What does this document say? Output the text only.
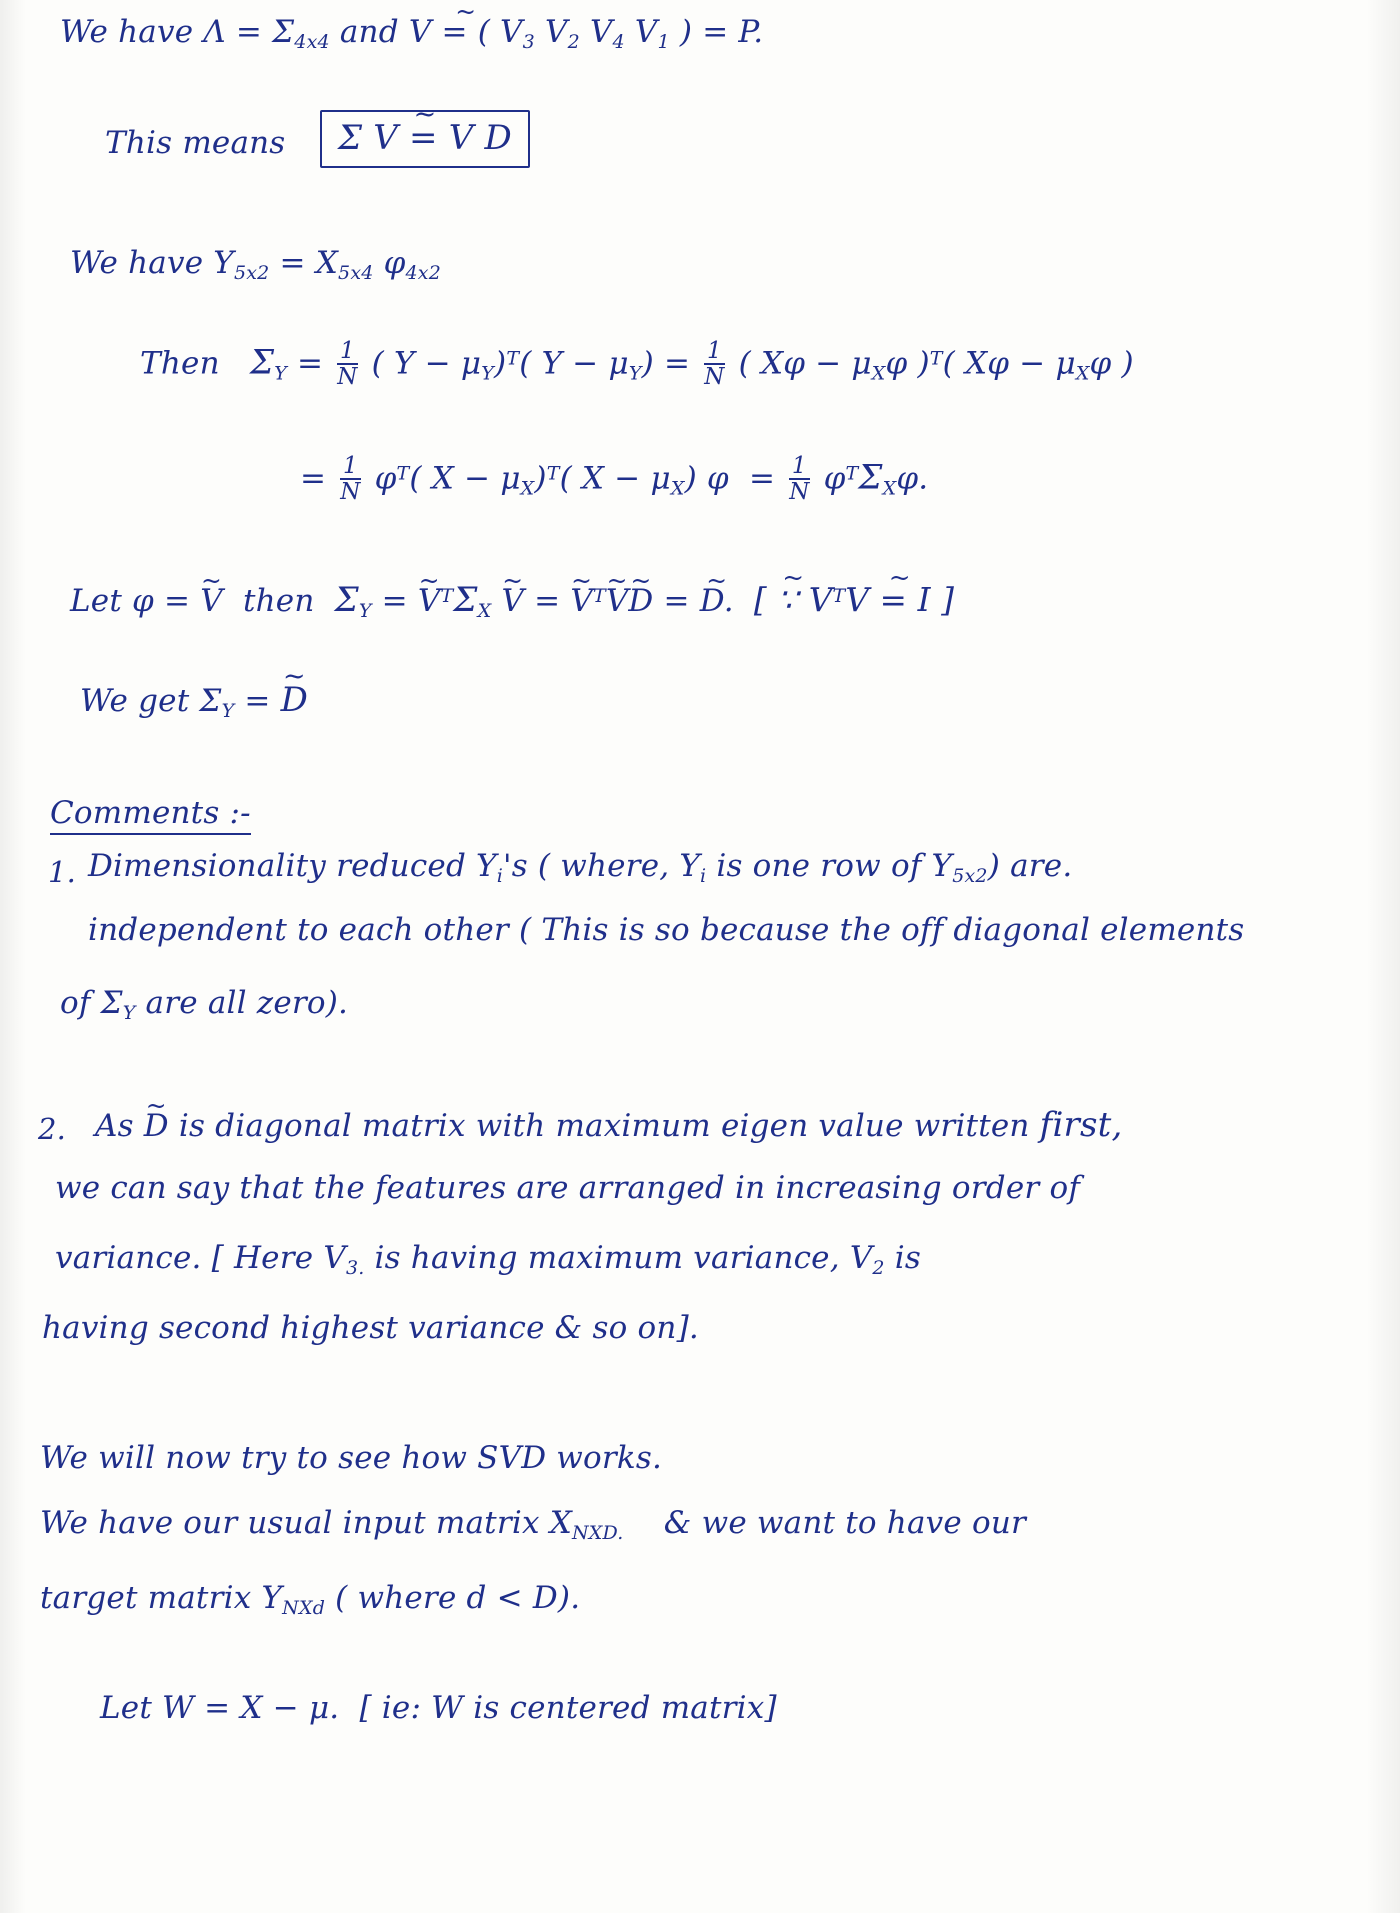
We have $\Lambda = \Sigma_{4x4}$ and ~ V = ( $V_3$ $V_2$ $V_4$ $V_1$ ) = P.
This means	~ Σ V = V D
We have $Y_{5x2} = X_{5x4}$ $\varphi_{4x2}$
Then $\Sigma_Y = \frac{1}{N}$ ( $Y - \mu_Y)^T$( $Y - \mu_Y) = \frac{1}{N}$ ( $X\varphi - \mu_X\varphi$ )$^T$( $X\varphi - \mu_X\varphi$ )
= $\frac{1}{N} \varphi^T$( $X - \mu_X)^T$( $X - \mu_X$) $\varphi = \frac{1}{N} \varphi^T\Sigma_X\varphi$.
Let φ = ~ V then $\Sigma_Y$ = ~ $V^T\Sigma_X$ ~ V = ~ $V^T\sim$ V~ D = ~ D. ~ [ ∵ $V^T\sim$ V = I ]
We get $\Sigma_Y$ = ~ D
Comments :-
1. Dimensionality reduced $Y_i's$ ( where, $Y_i$ is one row of $Y_{5x2}$) are.
independent to each other ( This is so because the off diagonal elements
of $\Sigma_Y$ are all zero).
2. As ~ D is diagonal matrix with maximum eigen value written first,
we can say that the features are arranged in increasing order of
variance. [ Here $V_{3.}$ is having maximum variance, $V_2$ is
having second highest variance & so on].
We will now try to see how SVD works.
We have our usual input matrix $X_{NXD.}$ & we want to have our
target matrix $Y_{NXd}$ ( where d < D).
Let W = X − μ. [ ie: W is centered matrix]
